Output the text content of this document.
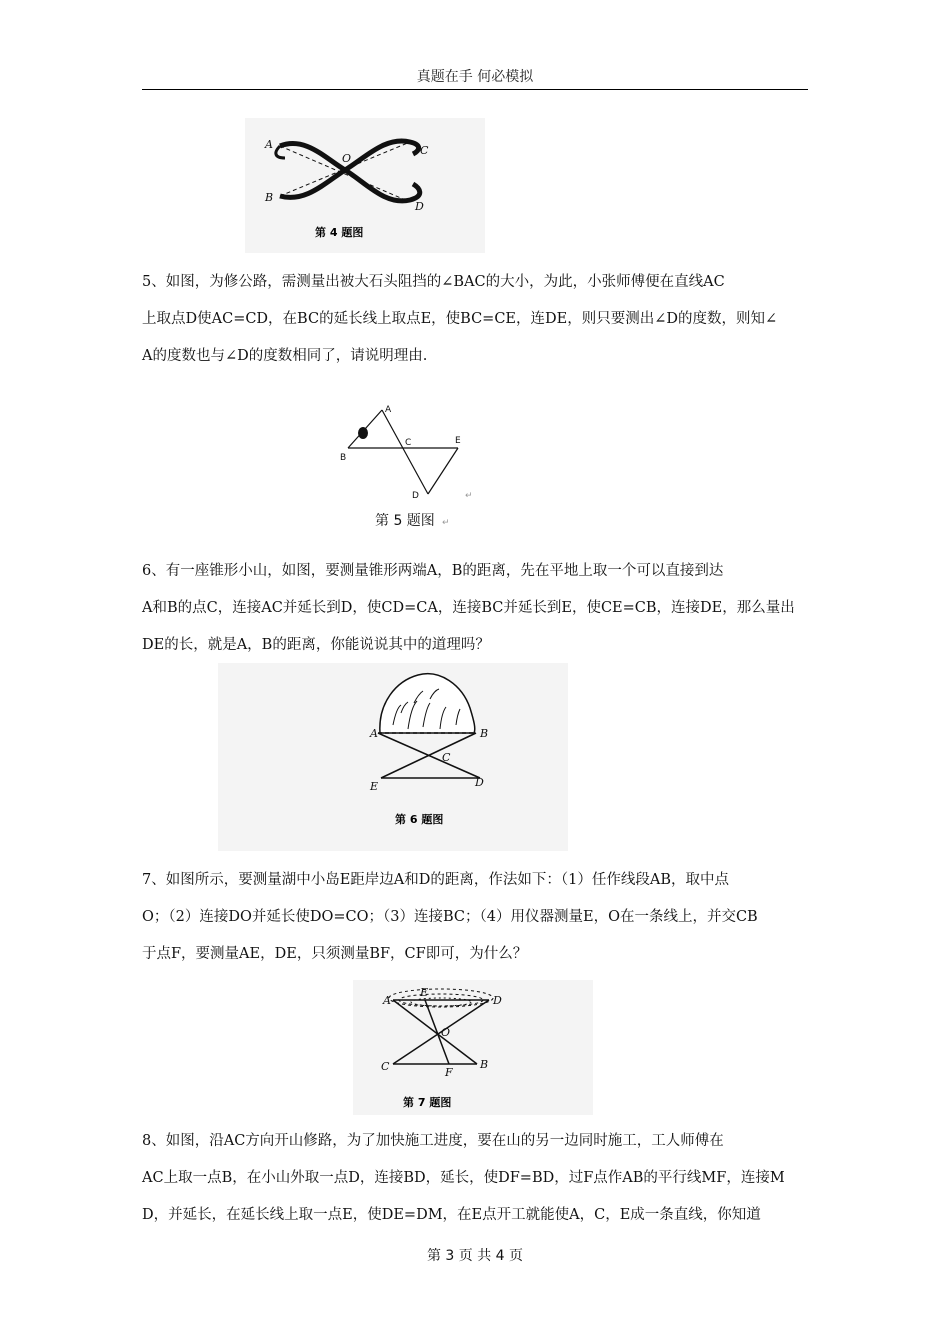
真题在手 何必模拟
A
O
C
B
D
第 4 题图
5、如图，为修公路，需测量出被大石头阻挡的∠BAC的大小，为此，小张师傅便在直线AC
上取点D使AC=CD，在BC的延长线上取点E，使BC=CE，连DE，则只要测出∠D的度数，则知∠
A的度数也与∠D的度数相同了，请说明理由.
A
C	E
B
D	↵
第 5 题图 ↵
6、有一座锥形小山，如图，要测量锥形两端A，B的距离，先在平地上取一个可以直接到达
A和B的点C，连接AC并延长到D，使CD=CA，连接BC并延长到E，使CE=CB，连接DE，那么量出
DE的长，就是A，B的距离，你能说说其中的道理吗？
A	B
C
E	D
第 6 题图
7、如图所示，要测量湖中小岛E距岸边A和D的距离，作法如下：（1）任作线段AB，取中点
O；（2）连接DO并延长使DO=CO；（3）连接BC；（4）用仪器测量E，O在一条线上，并交CB
于点F，要测量AE，DE，只须测量BF，CF即可，为什么？
A
E
D
O
C	F
B
第 7 题图
8、如图，沿AC方向开山修路，为了加快施工进度，要在山的另一边同时施工，工人师傅在
AC上取一点B，在小山外取一点D，连接BD，延长，使DF=BD，过F点作AB的平行线MF，连接M
D，并延长，在延长线上取一点E，使DE=DM，在E点开工就能使A，C，E成一条直线，你知道
第 3 页 共 4 页
